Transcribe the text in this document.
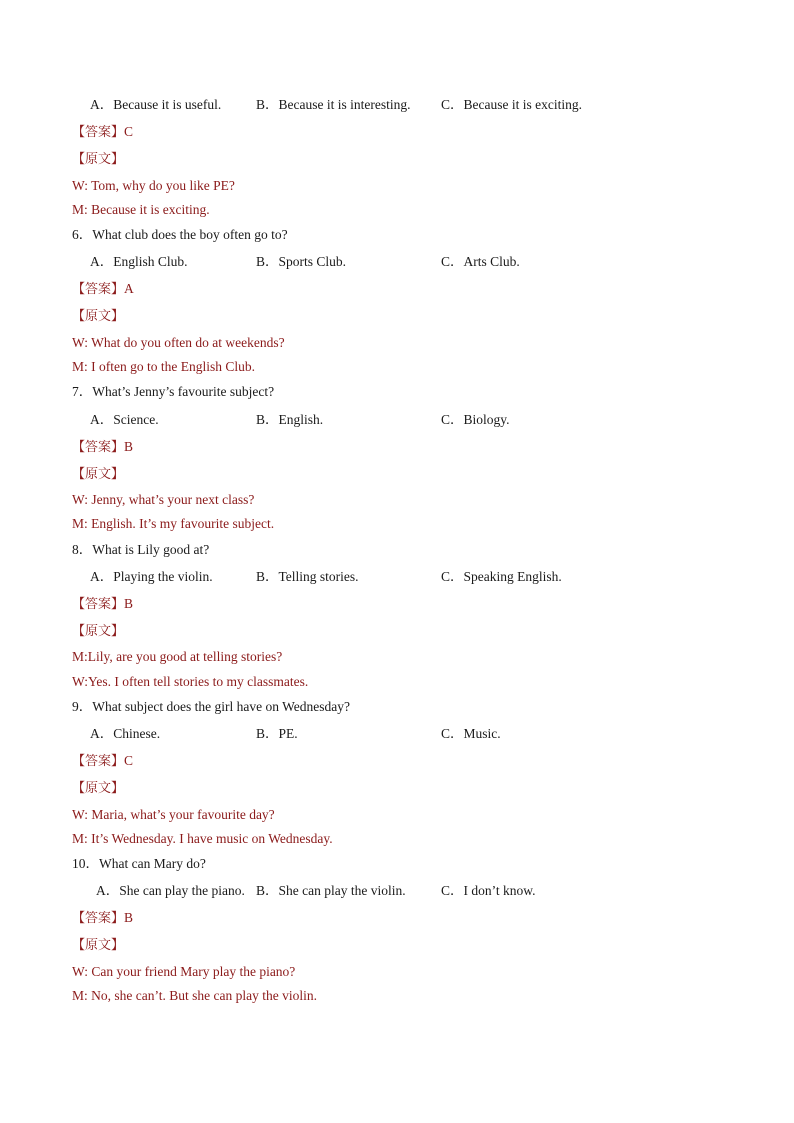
A．Because it is useful.	B．Because it is interesting. C．Because it is exciting.
【答案】C
【原文】
W: Tom, why do you like PE?
M: Because it is exciting.
6．What club does the boy often go to?
A．English Club.	B．Sports Club.	C．Arts Club.
【答案】A
【原文】
W: What do you often do at weekends?
M: I often go to the English Club.
7．What’s Jenny’s favourite subject?
A．Science.	B．English.	C．Biology.
【答案】B
【原文】
W: Jenny, what’s your next class?
M: English. It’s my favourite subject.
8．What is Lily good at?
A．Playing the violin.	B．Telling stories.	C．Speaking English.
【答案】B
【原文】
M:Lily, are you good at telling stories?
W:Yes. I often tell stories to my classmates.
9．What subject does the girl have on Wednesday?
A．Chinese.	B．PE.	C．Music.
【答案】C
【原文】
W: Maria, what’s your favourite day?
M: It’s Wednesday. I have music on Wednesday.
10．What can Mary do?
A．She can play the piano. B．She can play the violin.	C．I don’t know.
【答案】B
【原文】
W: Can your friend Mary play the piano?
M: No, she can’t. But she can play the violin.
